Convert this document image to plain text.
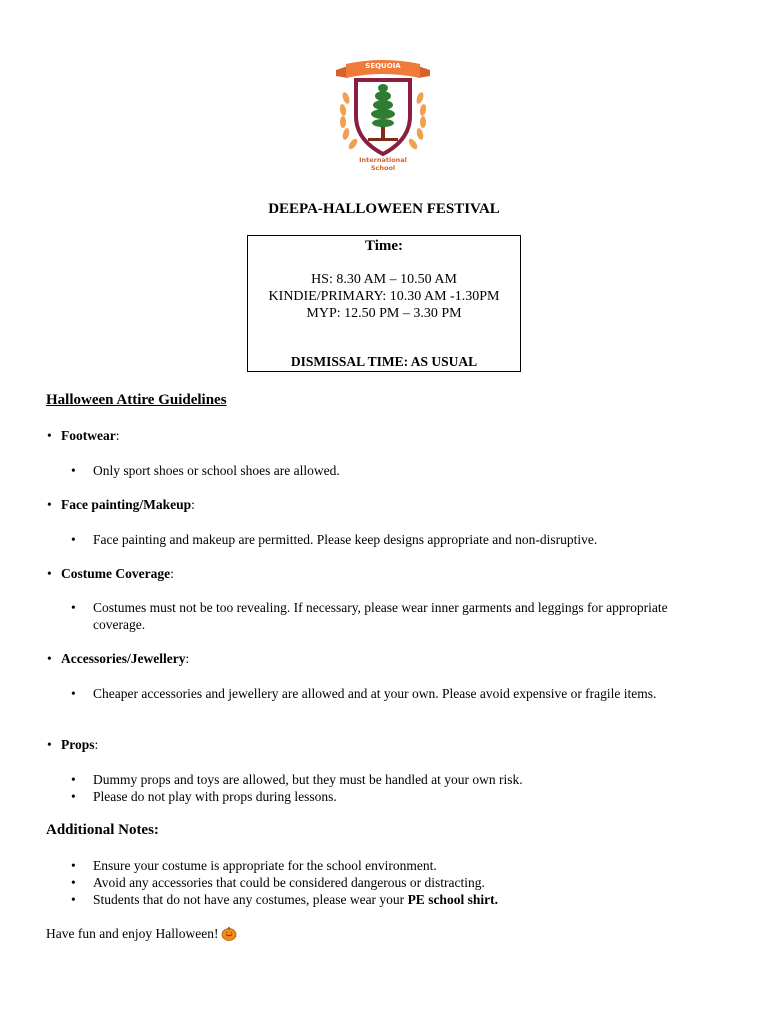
SEQUOIA
International
School
DEEPA-HALLOWEEN FESTIVAL
Time:
HS: 8.30 AM – 10.50 AM
KINDIE/PRIMARY: 10.30 AM -1.30PM
MYP: 12.50 PM – 3.30 PM
DISMISSAL TIME: AS USUAL
Halloween Attire Guidelines
• Footwear:
• Only sport shoes or school shoes are allowed.
• Face painting/Makeup:
• Face painting and makeup are permitted. Please keep designs appropriate and non-disruptive.
• Costume Coverage:
• Costumes must not be too revealing. If necessary, please wear inner garments and leggings for appropriate coverage.
• Accessories/Jewellery:
• Cheaper accessories and jewellery are allowed and at your own. Please avoid expensive or fragile items.
• Props:
• Dummy props and toys are allowed, but they must be handled at your own risk.
• Please do not play with props during lessons.
Additional Notes:
• Ensure your costume is appropriate for the school environment.
• Avoid any accessories that could be considered dangerous or distracting.
• Students that do not have any costumes, please wear your PE school shirt.
Have fun and enjoy Halloween!
